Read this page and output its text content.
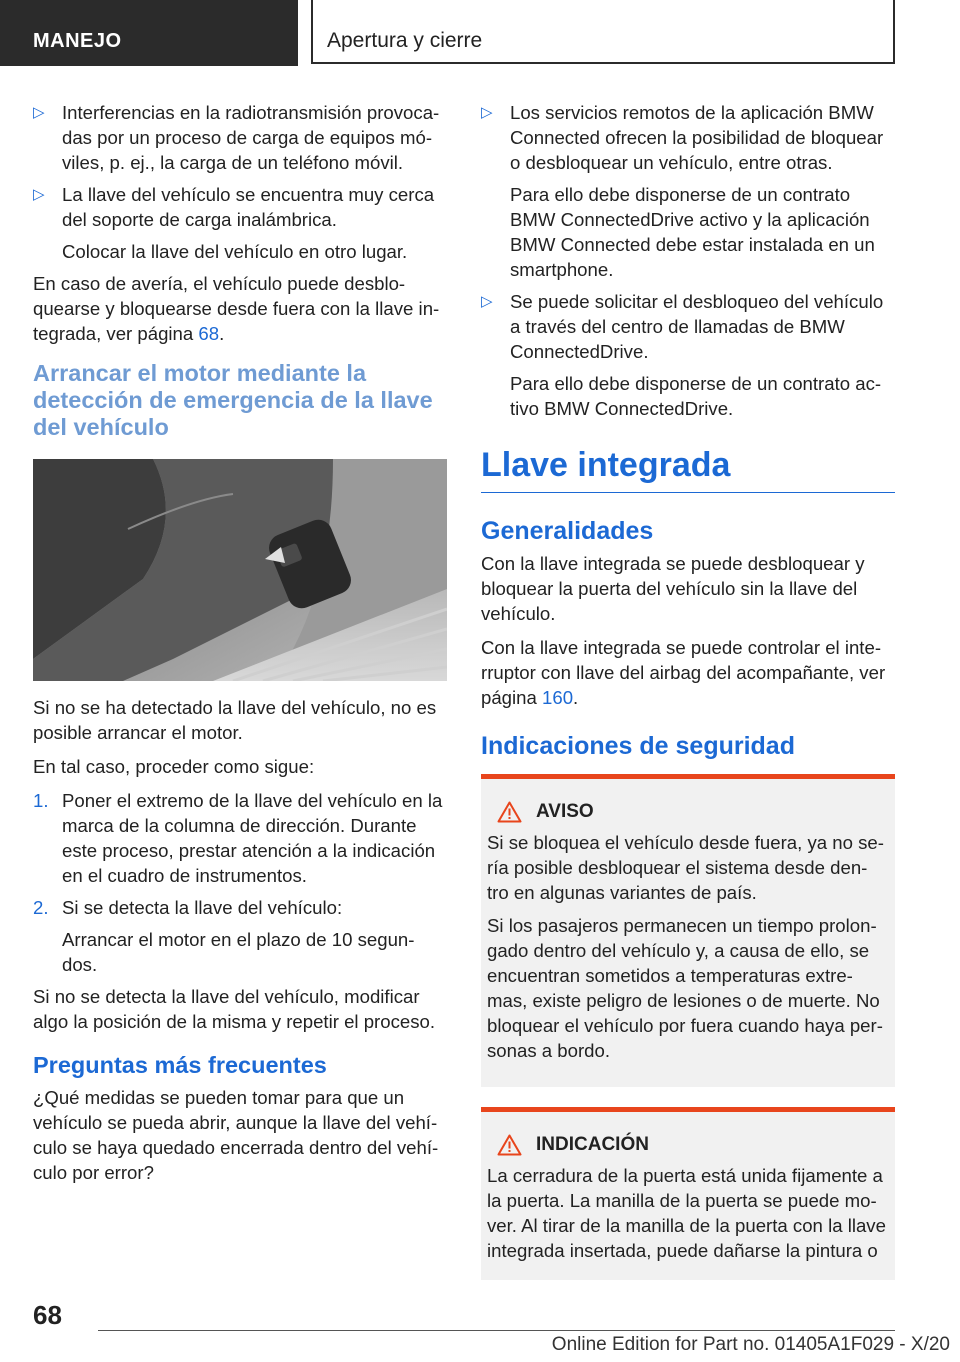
MANEJO	Apertura y cierre
▷ Interferencias en la radiotransmisión provoca-das por un proceso de carga de equipos mó-viles, p. ej., la carga de un teléfono móvil.

▷ La llave del vehículo se encuentra muy cerca del soporte de carga inalámbrica.

Colocar la llave del vehículo en otro lugar.

En caso de avería, el vehículo puede desblo-quearse y bloquearse desde fuera con la llave in-tegrada, ver página 68.

Arrancar el motor mediante la detección de emergencia de la llave del vehículo

Si no se ha detectado la llave del vehículo, no es posible arrancar el motor.

En tal caso, proceder como sigue:

1. Poner el extremo de la llave del vehículo en la marca de la columna de dirección. Durante este proceso, prestar atención a la indicación en el cuadro de instrumentos.

2. Si se detecta la llave del vehículo:

Arrancar el motor en el plazo de 10 segun-dos.

Si no se detecta la llave del vehículo, modificar algo la posición de la misma y repetir el proceso.

Preguntas más frecuentes

¿Qué medidas se pueden tomar para que un vehículo se pueda abrir, aunque la llave del vehí-culo se haya quedado encerrada dentro del vehí-culo por error?

▷ Los servicios remotos de la aplicación BMW Connected ofrecen la posibilidad de bloquear o desbloquear un vehículo, entre otras.

Para ello debe disponerse de un contrato BMW ConnectedDrive activo y la aplicación BMW Connected debe estar instalada en un smartphone.

▷ Se puede solicitar el desbloqueo del vehículo a través del centro de llamadas de BMW ConnectedDrive.

Para ello debe disponerse de un contrato ac-tivo BMW ConnectedDrive.

Llave integrada
Generalidades

Con la llave integrada se puede desbloquear y bloquear la puerta del vehículo sin la llave del vehículo.

Con la llave integrada se puede controlar el inte-rruptor con llave del airbag del acompañante, ver página 160.

Indicaciones de seguridad
AVISO

Si se bloquea el vehículo desde fuera, ya no se-ría posible desbloquear el sistema desde den-tro en algunas variantes de país.

Si los pasajeros permanecen un tiempo prolon-gado dentro del vehículo y, a causa de ello, se encuentran sometidos a temperaturas extre-mas, existe peligro de lesiones o de muerte. No bloquear el vehículo por fuera cuando haya per-sonas a bordo.

INDICACIÓN

La cerradura de la puerta está unida fijamente a la puerta. La manilla de la puerta se puede mo-ver. Al tirar de la manilla de la puerta con la llave integrada insertada, puede dañarse la pintura o

68
Online Edition for Part no. 01405A1F029 - X/20
